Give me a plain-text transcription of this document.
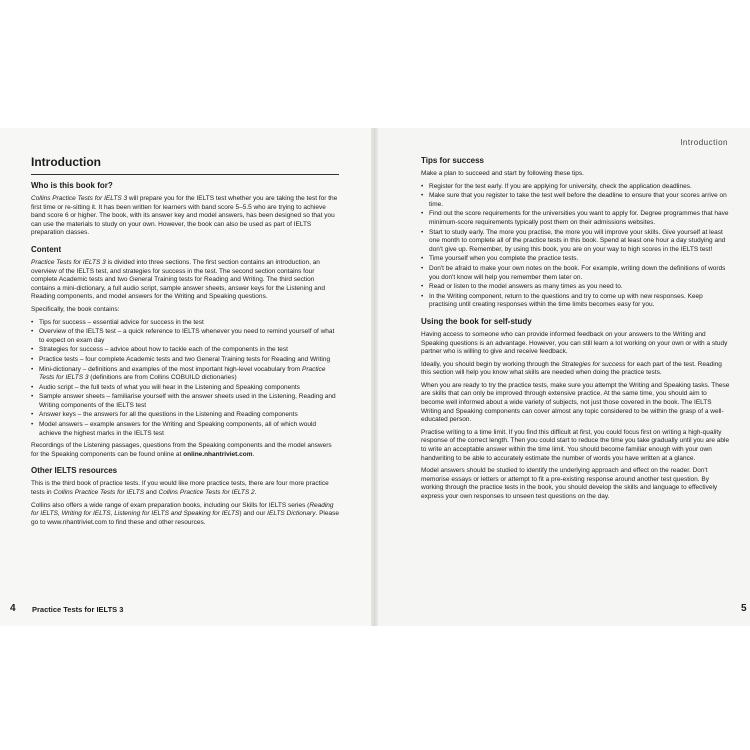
Introduction
Who is this book for?

Collins Practice Tests for IELTS 3 will prepare you for the IELTS test whether you are taking the test for the first time or re-sitting it. It has been written for learners with band score 5–5.5 who are trying to achieve band score 6 or higher. The book, with its answer key and model answers, has been designed so that you can use the materials to study on your own. However, the book can also be used as part of IELTS preparation classes.

Content

Practice Tests for IELTS 3 is divided into three sections. The first section contains an introduction, an overview of the IELTS test, and strategies for success in the test. The second section contains four complete Academic tests and two General Training tests for Reading and Writing. The third section contains a mini-dictionary, a full audio script, sample answer sheets, answer keys for the Listening and Reading components, and model answers for the Writing and Speaking questions.

Specifically, the book contains:

• Tips for success – essential advice for success in the test
• Overview of the IELTS test – a quick reference to IELTS whenever you need to remind yourself of what to expect on exam day
• Strategies for success – advice about how to tackle each of the components in the test
• Practice tests – four complete Academic tests and two General Training tests for Reading and Writing
• Mini-dictionary – definitions and examples of the most important high-level vocabulary from Practice Tests for IELTS 3 (definitions are from Collins COBUILD dictionaries)
• Audio script – the full texts of what you will hear in the Listening and Speaking components
• Sample answer sheets – familiarise yourself with the answer sheets used in the Listening, Reading and Writing components of the IELTS test
• Answer keys – the answers for all the questions in the Listening and Reading components
• Model answers – example answers for the Writing and Speaking components, all of which would achieve the highest marks in the IELTS test

Recordings of the Listening passages, questions from the Speaking components and the model answers for the Speaking components can be found online at online.nhantriviet.com.

Other IELTS resources

This is the third book of practice tests. If you would like more practice tests, there are four more practice tests in Collins Practice Tests for IELTS and Collins Practice Tests for IELTS 2.

Collins also offers a wide range of exam preparation books, including our Skills for IELTS series (Reading for IELTS, Writing for IELTS, Listening for IELTS and Speaking for IELTS) and our IELTS Dictionary. Please go to www.nhantriviet.com to find these and other resources.

4 Practice Tests for IELTS 3
Introduction
Tips for success

Make a plan to succeed and start by following these tips.

• Register for the test early. If you are applying for university, check the application deadlines.
• Make sure that you register to take the test well before the deadline to ensure that your scores arrive on time.
• Find out the score requirements for the universities you want to apply for. Degree programmes that have minimum-score requirements typically post them on their admissions websites.
• Start to study early. The more you practise, the more you will improve your skills. Give yourself at least one month to complete all of the practice tests in this book. Spend at least one hour a day studying and don't give up. Remember, by using this book, you are on your way to high scores in the IELTS test!
• Time yourself when you complete the practice tests.
• Don't be afraid to make your own notes on the book. For example, writing down the definitions of words you don't know will help you remember them later on.
• Read or listen to the model answers as many times as you need to.
• In the Writing component, return to the questions and try to come up with new responses. Keep practising until creating responses within the time limits becomes easy for you.
Using the book for self-study

Having access to someone who can provide informed feedback on your answers to the Writing and Speaking questions is an advantage. However, you can still learn a lot working on your own or with a study partner who is willing to give and receive feedback.

Ideally, you should begin by working through the Strategies for success for each part of the test. Reading this section will help you know what skills are needed when doing the practice tests.

When you are ready to try the practice tests, make sure you attempt the Writing and Speaking tasks. These are skills that can only be improved through extensive practice. At the same time, you should aim to become well informed about a wide variety of subjects, not just those covered in the book. The IELTS Writing and Speaking components can cover almost any topic considered to be within the grasp of a well-educated person.

Practise writing to a time limit. If you find this difficult at first, you could focus first on writing a high-quality response of the correct length. Then you could start to reduce the time you take gradually until you are able to write an acceptable answer within the time limit. You should become familiar enough with your own handwriting to be able to accurately estimate the number of words you have written at a glance.

Model answers should be studied to identify the underlying approach and effect on the reader. Don't memorise essays or letters or attempt to fit a pre-existing response around another test question. By working through the practice tests in the book, you should develop the skills and language to effectively express your own responses to unseen test questions on the day.

5
